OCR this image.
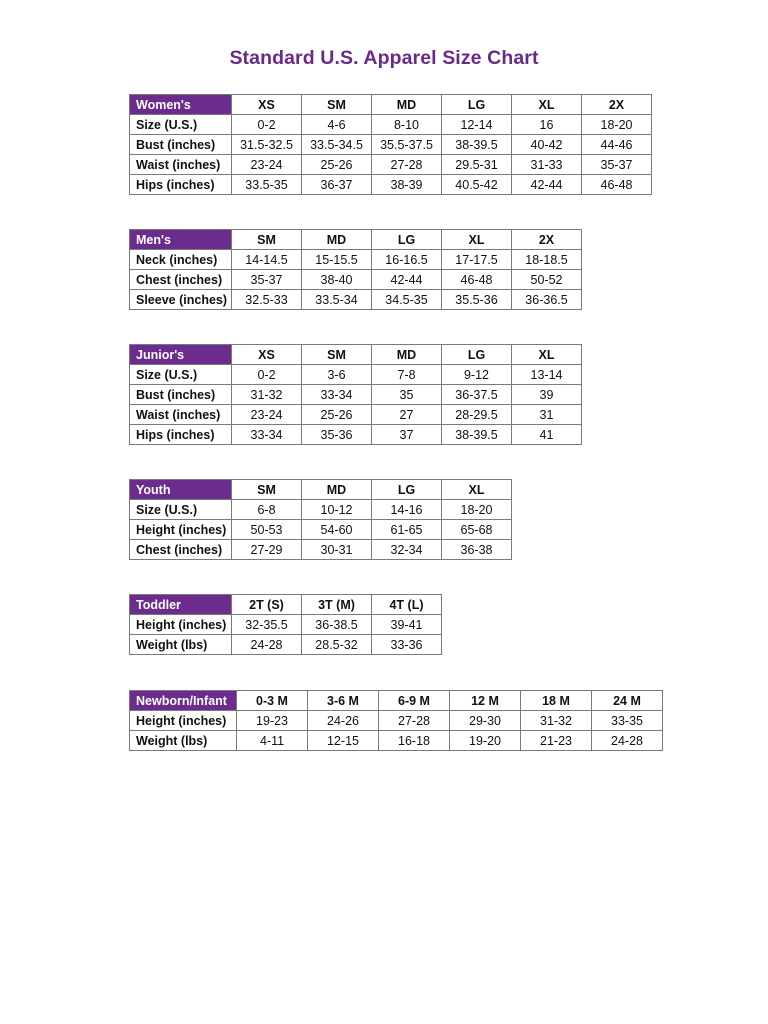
Standard U.S. Apparel Size Chart
Women's	XS	SM	MD	LG	XL	2X
Size (U.S.)	0-2	4-6	8-10	12-14	16	18-20
Bust (inches)	31.5-32.5	33.5-34.5	35.5-37.5	38-39.5	40-42	44-46
Waist (inches)	23-24	25-26	27-28	29.5-31	31-33	35-37
Hips (inches)	33.5-35	36-37	38-39	40.5-42	42-44	46-48
Men's	SM	MD	LG	XL	2X
Neck (inches)	14-14.5	15-15.5	16-16.5	17-17.5	18-18.5
Chest (inches)	35-37	38-40	42-44	46-48	50-52
Sleeve (inches)	32.5-33	33.5-34	34.5-35	35.5-36	36-36.5
Junior's	XS	SM	MD	LG	XL
Size (U.S.)	0-2	3-6	7-8	9-12	13-14
Bust (inches)	31-32	33-34	35	36-37.5	39
Waist (inches)	23-24	25-26	27	28-29.5	31
Hips (inches)	33-34	35-36	37	38-39.5	41
Youth	SM	MD	LG	XL
Size (U.S.)	6-8	10-12	14-16	18-20
Height (inches)	50-53	54-60	61-65	65-68
Chest (inches)	27-29	30-31	32-34	36-38
Toddler	2T (S)	3T (M)	4T (L)
Height (inches)	32-35.5	36-38.5	39-41
Weight (lbs)	24-28	28.5-32	33-36
Newborn/Infant	0-3 M	3-6 M	6-9 M	12 M	18 M	24 M
Height (inches)	19-23	24-26	27-28	29-30	31-32	33-35
Weight (lbs)	4-11	12-15	16-18	19-20	21-23	24-28
